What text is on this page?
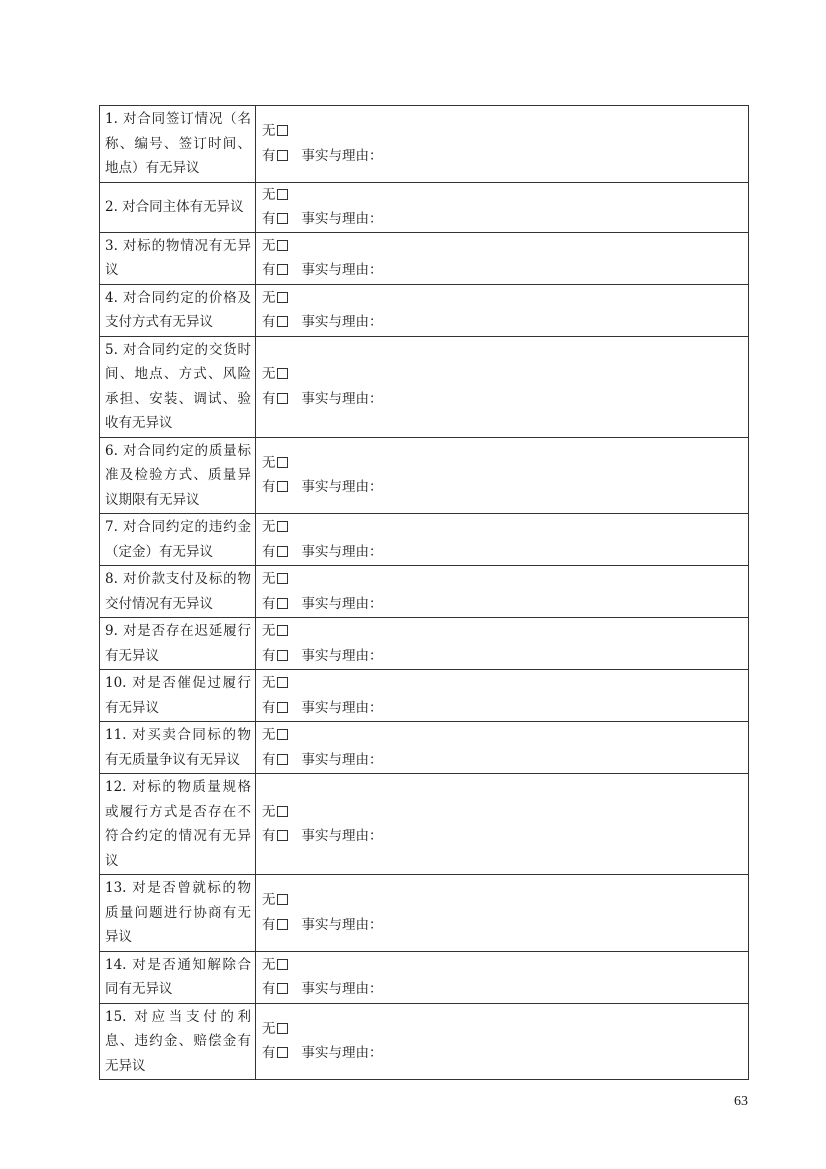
1. 对合同签订情况（名称、编号、签订时间、地点）有无异议	无
有 事实与理由：

2. 对合同主体有无异议	无
有 事实与理由：

3. 对标的物情况有无异议	无
有 事实与理由：

4. 对合同约定的价格及支付方式有无异议	无
有 事实与理由：

5. 对合同约定的交货时间、地点、方式、风险承担、安装、调试、验收有无异议	无
有 事实与理由：

6. 对合同约定的质量标准及检验方式、质量异议期限有无异议	无
有 事实与理由：

7. 对合同约定的违约金（定金）有无异议	无
有 事实与理由：

8. 对价款支付及标的物交付情况有无异议	无
有 事实与理由：

9. 对是否存在迟延履行有无异议	无
有 事实与理由：

10. 对是否催促过履行有无异议	无
有 事实与理由：

11. 对买卖合同标的物有无质量争议有无异议	无
有 事实与理由：

12. 对标的物质量规格或履行方式是否存在不符合约定的情况有无异议	无
有 事实与理由：

13. 对是否曾就标的物质量问题进行协商有无异议	无
有 事实与理由：

14. 对是否通知解除合同有无异议	无
有 事实与理由：

15. 对应当支付的利息、违约金、赔偿金有无异议	无
有 事实与理由：
63
